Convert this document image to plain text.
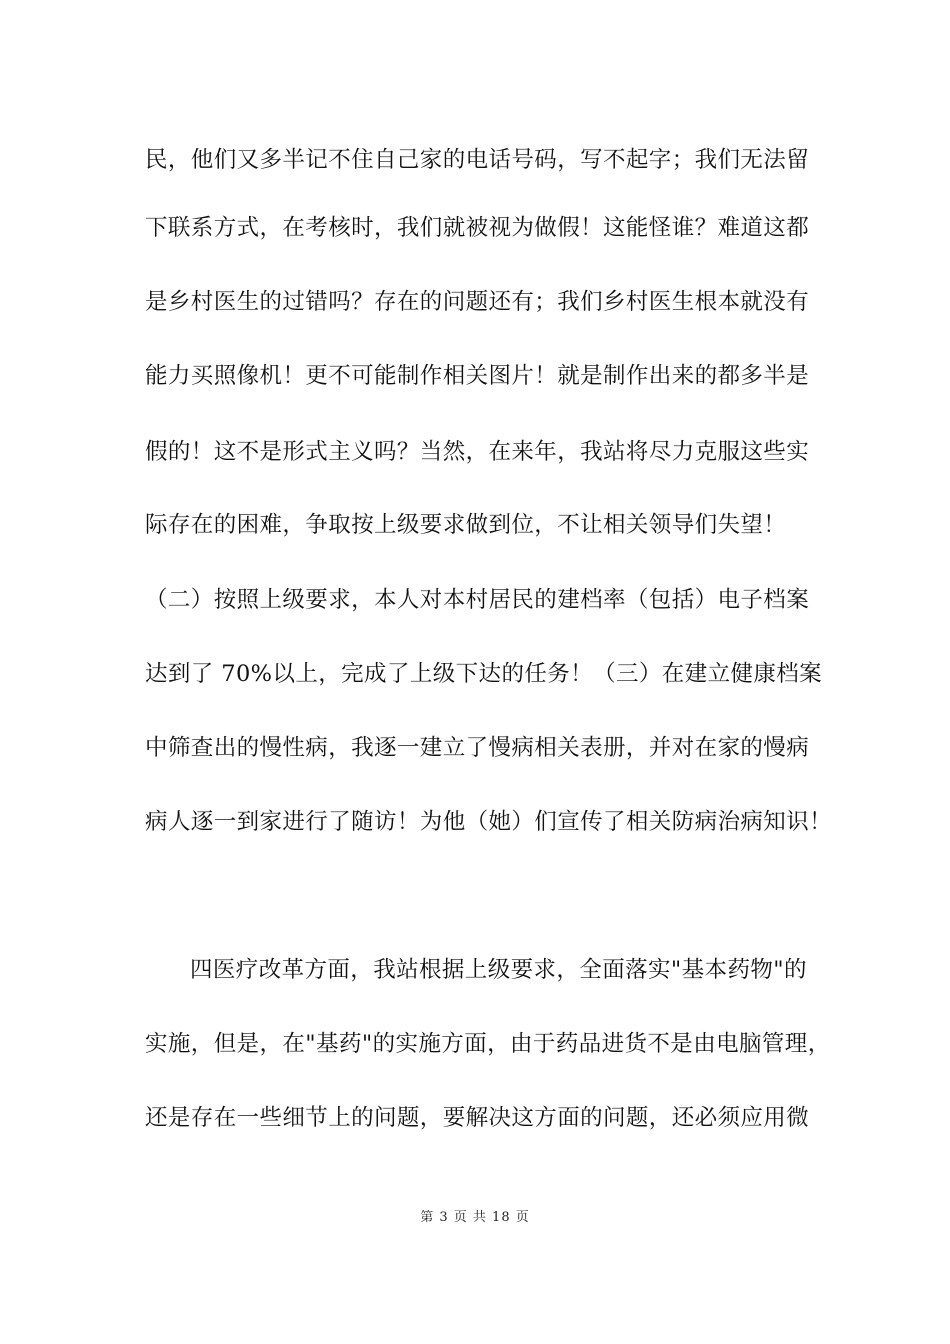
民，他们又多半记不住自己家的电话号码，写不起字；我们无法留
下联系方式，在考核时，我们就被视为做假！这能怪谁？难道这都
是乡村医生的过错吗？存在的问题还有；我们乡村医生根本就没有
能力买照像机！更不可能制作相关图片！就是制作出来的都多半是
假的！这不是形式主义吗？当然，在来年，我站将尽力克服这些实
际存在的困难，争取按上级要求做到位，不让相关领导们失望！
（二）按照上级要求，本人对本村居民的建档率（包括）电子档案
达到了 70%以上，完成了上级下达的任务！（三）在建立健康档案
中筛查出的慢性病，我逐一建立了慢病相关表册，并对在家的慢病
病人逐一到家进行了随访！为他（她）们宣传了相关防病治病知识！
四医疗改革方面，我站根据上级要求，全面落实"基本药物"的
实施，但是，在"基药"的实施方面，由于药品进货不是由电脑管理，
还是存在一些细节上的问题，要解决这方面的问题，还必须应用微
第 3 页 共 18 页
